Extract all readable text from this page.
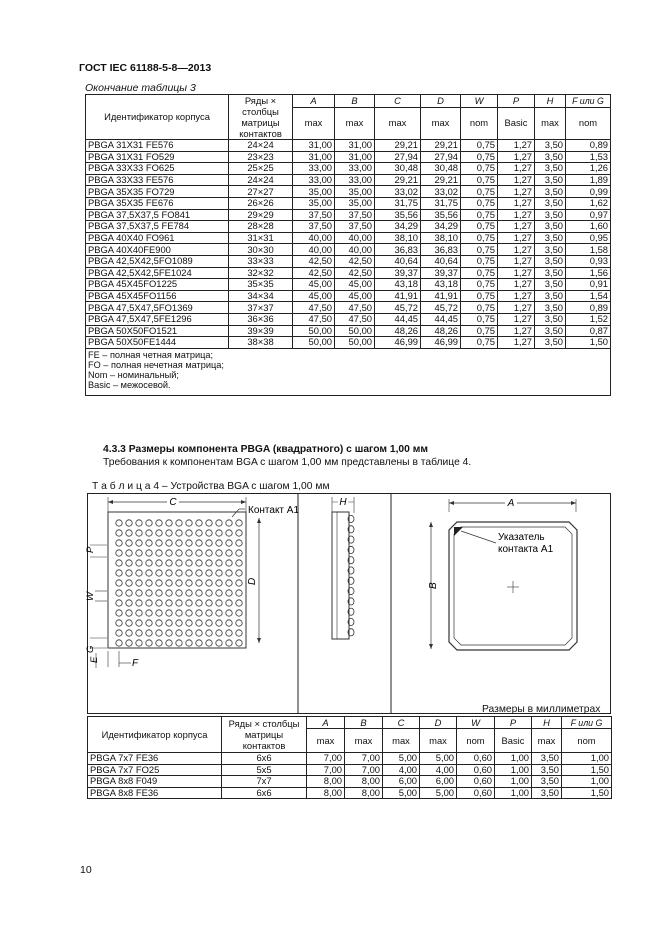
ГОСТ IEC 61188-5-8—2013
Окончание таблицы 3
Идентификатор корпуса	Ряды × столбцы матрицы контактов	A	B	C	D	W	P	H	F или G
		max	max	max	max	nom	Basic	max	nom
PBGA 31X31 FE576	24×24	31,00	31,00	29,21	29,21	0,75	1,27	3,50	0,89
PBGA 31X31 FO529	23×23	31,00	31,00	27,94	27,94	0,75	1,27	3,50	1,53
PBGA 33X33 FO625	25×25	33,00	33,00	30,48	30,48	0,75	1,27	3,50	1,26
PBGA 33X33 FE576	24×24	33,00	33,00	29,21	29,21	0,75	1,27	3,50	1,89
PBGA 35X35 FO729	27×27	35,00	35,00	33,02	33,02	0,75	1,27	3,50	0,99
PBGA 35X35 FE676	26×26	35,00	35,00	31,75	31,75	0,75	1,27	3,50	1,62
PBGA 37,5X37,5 FO841	29×29	37,50	37,50	35,56	35,56	0,75	1,27	3,50	0,97
PBGA 37,5X37,5 FE784	28×28	37,50	37,50	34,29	34,29	0,75	1,27	3,50	1,60
PBGA 40X40 FO961	31×31	40,00	40,00	38,10	38,10	0,75	1,27	3,50	0,95
PBGA 40X40FE900	30×30	40,00	40,00	36,83	36,83	0,75	1,27	3,50	1,58
PBGA 42,5X42,5FO1089	33×33	42,50	42,50	40,64	40,64	0,75	1,27	3,50	0,93
PBGA 42,5X42,5FE1024	32×32	42,50	42,50	39,37	39,37	0,75	1,27	3,50	1,56
PBGA 45X45FO1225	35×35	45,00	45,00	43,18	43,18	0,75	1,27	3,50	0,91
PBGA 45X45FO1156	34×34	45,00	45,00	41,91	41,91	0,75	1,27	3,50	1,54
PBGA 47,5X47,5FO1369	37×37	47,50	47,50	45,72	45,72	0,75	1,27	3,50	0,89
PBGA 47,5X47,5FE1296	36×36	47,50	47,50	44,45	44,45	0,75	1,27	3,50	1,52
PBGA 50X50FO1521	39×39	50,00	50,00	48,26	48,26	0,75	1,27	3,50	0,87
PBGA 50X50FE1444	38×38	50,00	50,00	46,99	46,99	0,75	1,27	3,50	1,50

FE – полная четная матрица;
FO – полная нечетная матрица;
Nom – номинальный;
Basic – межосевой.									
4.3.3 Размеры компонента PBGA (квадратного) с шагом 1,00 мм
Требования к компонентам BGA с шагом 1,00 мм представлены в таблице 4.
Т а б л и ц а 4 – Устройства BGA с шагом 1,00 мм
C
Контакт A1
D
P
W
G
E	F
H	A
B
Указатель
контакта A1
Размеры в миллиметрах
Идентификатор корпуса	Ряды × столбцы матрицы контактов	A	B	C	D	W	P	H	F или G
		max	max	max	max	nom	Basic	max	nom
PBGA 7x7 FE36	6x6	7,00	7,00	5,00	5,00	0,60	1,00	3,50	1,00
PBGA 7x7 FO25	5x5	7,00	7,00	4,00	4,00	0,60	1,00	3,50	1,50
PBGA 8x8 F049	7x7	8,00	8,00	6,00	6,00	0,60	1,00	3,50	1,00
PBGA 8x8 FE36	6x6	8,00	8,00	5,00	5,00	0,60	1,00	3,50	1,50
10
